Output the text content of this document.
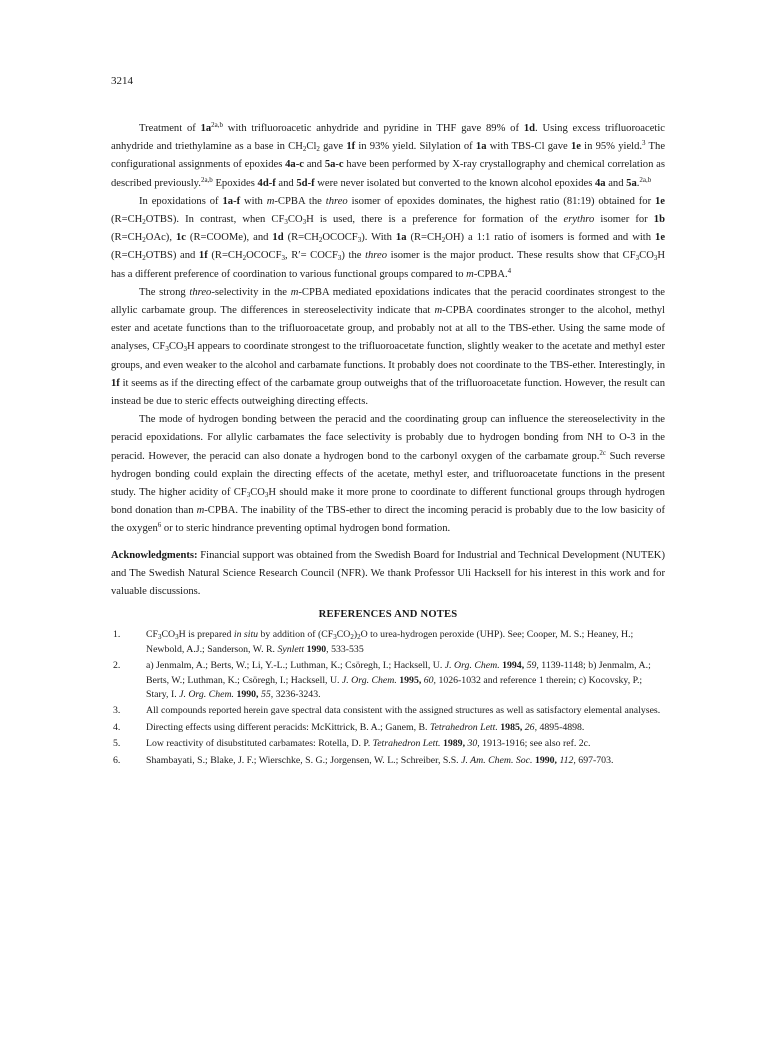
3214

Treatment of $1a^{2a,b}$ with trifluoroacetic anhydride and pyridine in THF gave 89% of 1d. Using excess trifluoroacetic anhydride and triethylamine as a base in $CH_2Cl_2$ gave 1f in 93% yield. Silylation of 1a with TBS-Cl gave 1e in 95% yield.$^3$ The configurational assignments of epoxides 4a-c and 5a-c have been performed by X-ray crystallography and chemical correlation as described previously.$^{2a,b}$ Epoxides 4d-f and 5d-f were never isolated but converted to the known alcohol epoxides 4a and 5a.$^{2a,b}$

In epoxidations of 1a-f with m-CPBA the threo isomer of epoxides dominates, the highest ratio (81:19) obtained for 1e $(R=CH_2OTBS)$. In contrast, when $CF_3CO_3H$ is used, there is a preference for formation of the erythro isomer for 1b $(R=CH_2OAc)$, 1c (R=COOMe), and 1d $(R=CH_2OCOCF_3)$. With 1a $(R=CH_2OH)$ a 1:1 ratio of isomers is formed and with 1e $(R=CH_2OTBS)$ and 1f ($R=CH_2OCOCF_3$, $R'= COCF_3$) the threo isomer is the major product. These results show that $CF_3CO_3H$ has a different preference of coordination to various functional groups compared to m-CPBA.$^4$

The strong threo-selectivity in the m-CPBA mediated epoxidations indicates that the peracid coordinates strongest to the allylic carbamate group. The differences in stereoselectivity indicate that m-CPBA coordinates stronger to the alcohol, methyl ester and acetate functions than to the trifluoroacetate group, and probably not at all to the TBS-ether. Using the same mode of analyses, $CF_3CO_3H$ appears to coordinate strongest to the trifluoroacetate function, slightly weaker to the acetate and methyl ester groups, and even weaker to the alcohol and carbamate functions. It probably does not coordinate to the TBS-ether. Interestingly, in 1f it seems as if the directing effect of the carbamate group outweighs that of the trifluoroacetate function. However, the result can instead be due to steric effects outweighing directing effects.

The mode of hydrogen bonding between the peracid and the coordinating group can influence the stereoselectivity in the peracid epoxidations. For allylic carbamates the face selectivity is probably due to hydrogen bonding from NH to O-3 in the peracid. However, the peracid can also donate a hydrogen bond to the carbonyl oxygen of the carbamate group.$^{2c}$ Such reverse hydrogen bonding could explain the directing effects of the acetate, methyl ester, and trifluoroacetate functions in the present study. The higher acidity of $CF_3CO_3H$ should make it more prone to coordinate to different functional groups through hydrogen bond donation than m-CPBA. The inability of the TBS-ether to direct the incoming peracid is probably due to the low basicity of the oxygen$^6$ or to steric hindrance preventing optimal hydrogen bond formation.

Acknowledgments: Financial support was obtained from the Swedish Board for Industrial and Technical Development (NUTEK) and The Swedish Natural Science Research Council (NFR). We thank Professor Uli Hacksell for his interest in this work and for valuable discussions.

REFERENCES AND NOTES
1.	$CF_3CO_3H$ is prepared in situ by addition of $(CF_3CO_2)_2O$ to urea-hydrogen peroxide (UHP). See; Cooper, M. S.; Heaney, H.; Newbold, A.J.; Sanderson, W. R. Synlett 1990, 533-535
2.	a) Jenmalm, A.; Berts, W.; Li, Y.-L.; Luthman, K.; Csöregh, I.; Hacksell, U. J. Org. Chem. 1994, 59, 1139-1148; b) Jenmalm, A.; Berts, W.; Luthman, K.; Csöregh, I.; Hacksell, U. J. Org. Chem. 1995, 60, 1026-1032 and reference 1 therein; c) Kocovsky, P.; Stary, I. J. Org. Chem. 1990, 55, 3236-3243.
3.	All compounds reported herein gave spectral data consistent with the assigned structures as well as satisfactory elemental analyses.
4.	Directing effects using different peracids: McKittrick, B. A.; Ganem, B. Tetrahedron Lett. 1985, 26, 4895-4898.
5.	Low reactivity of disubstituted carbamates: Rotella, D. P. Tetrahedron Lett. 1989, 30, 1913-1916; see also ref. 2c.
6.	Shambayati, S.; Blake, J. F.; Wierschke, S. G.; Jorgensen, W. L.; Schreiber, S.S. J. Am. Chem. Soc. 1990, 112, 697-703.
